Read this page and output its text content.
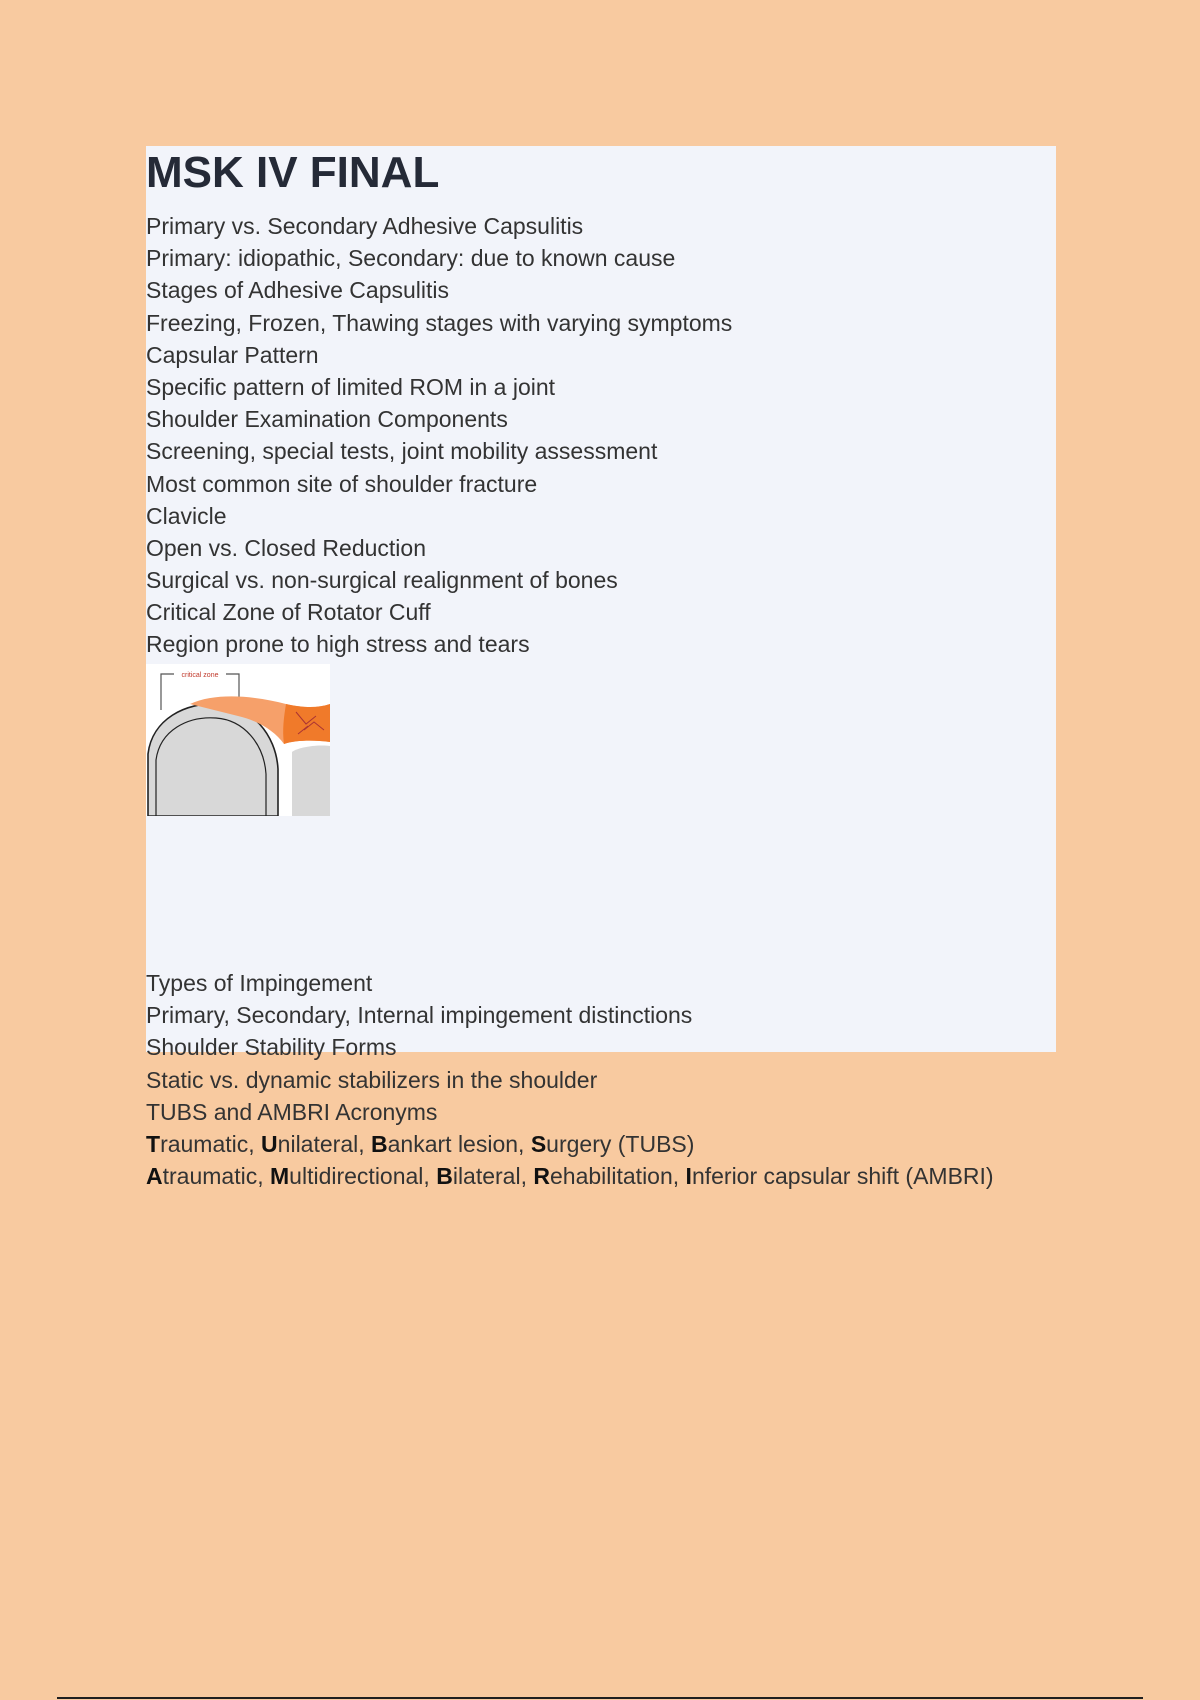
MSK IV FINAL
Primary vs. Secondary Adhesive Capsulitis
Primary: idiopathic, Secondary: due to known cause
Stages of Adhesive Capsulitis
Freezing, Frozen, Thawing stages with varying symptoms
Capsular Pattern
Specific pattern of limited ROM in a joint
Shoulder Examination Components
Screening, special tests, joint mobility assessment
Most common site of shoulder fracture
Clavicle
Open vs. Closed Reduction
Surgical vs. non-surgical realignment of bones
Critical Zone of Rotator Cuff
Region prone to high stress and tears
critical zone
Types of Impingement
Primary, Secondary, Internal impingement distinctions
Shoulder Stability Forms
Static vs. dynamic stabilizers in the shoulder
TUBS and AMBRI Acronyms
Traumatic, Unilateral, Bankart lesion, Surgery (TUBS)
Atraumatic, Multidirectional, Bilateral, Rehabilitation, Inferior capsular shift (AMBRI)
